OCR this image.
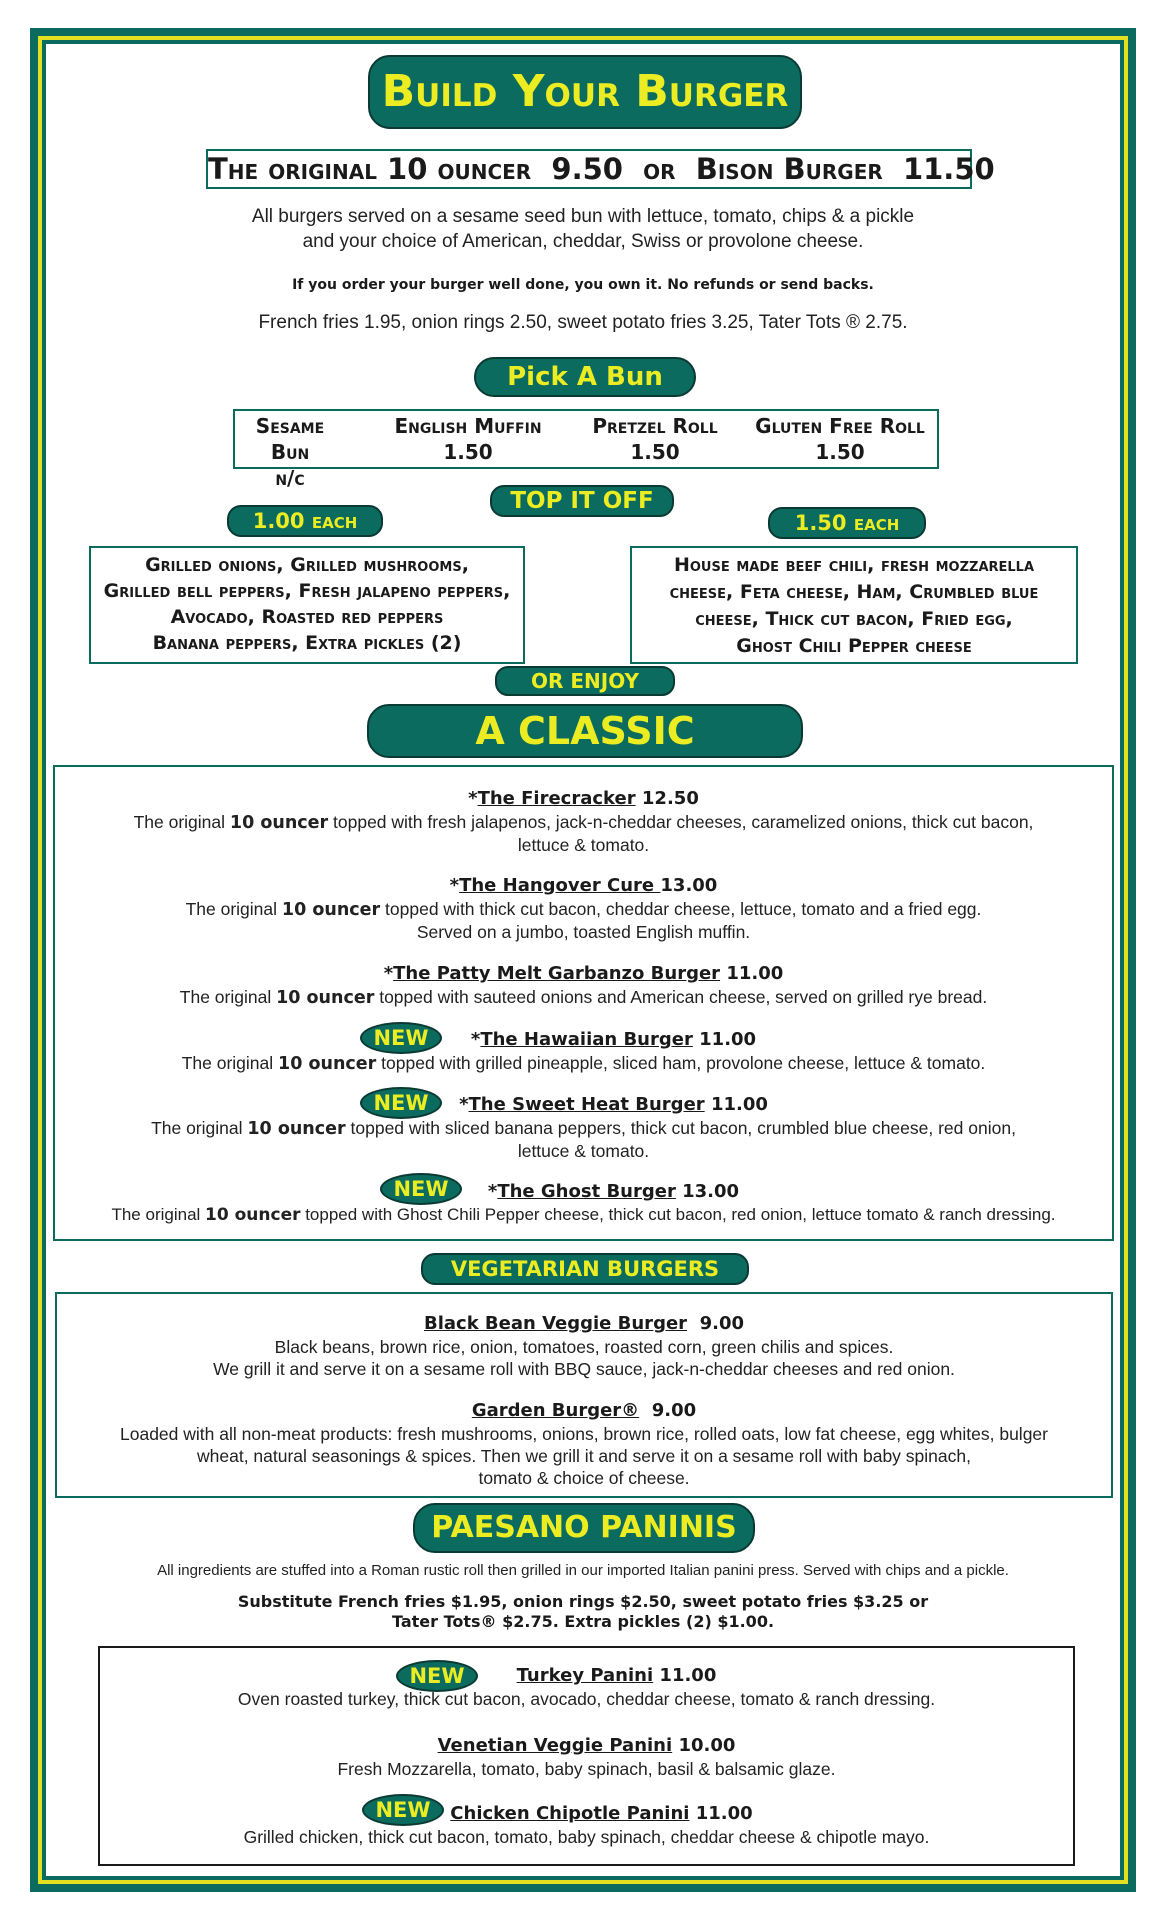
Build Your Burger
The original 10 ouncer  9.50  or  Bison Burger  11.50
All burgers served on a sesame seed bun with lettuce, tomato, chips & a pickle
and your choice of American, cheddar, Swiss or provolone cheese.
If you order your burger well done, you own it. No refunds or send backs.
French fries 1.95, onion rings 2.50, sweet potato fries 3.25, Tater Tots ® 2.75.
Pick A Bun
Sesame Bun
n/c
English Muffin
1.50
Pretzel Roll
1.50
Gluten Free Roll
1.50
TOP IT OFF
1.00 each	1.50 each
Grilled onions, Grilled mushrooms,
Grilled bell peppers, Fresh jalapeno peppers,
Avocado, Roasted red peppers
Banana peppers, Extra pickles (2)
House made beef chili, fresh mozzarella
cheese, Feta cheese, Ham, Crumbled blue
cheese, Thick cut bacon, Fried egg,
Ghost Chili Pepper cheese
OR ENJOY
A CLASSIC
*The Firecracker 12.50
The original 10 ouncer topped with fresh jalapenos, jack-n-cheddar cheeses, caramelized onions, thick cut bacon,
lettuce & tomato.
*The Hangover Cure 13.00
The original 10 ouncer topped with thick cut bacon, cheddar cheese, lettuce, tomato and a fried egg.
Served on a jumbo, toasted English muffin.
*The Patty Melt Garbanzo Burger 11.00
The original 10 ouncer topped with sauteed onions and American cheese, served on grilled rye bread.
NEW	*The Hawaiian Burger 11.00
The original 10 ouncer topped with grilled pineapple, sliced ham, provolone cheese, lettuce & tomato.
NEW	*The Sweet Heat Burger 11.00
The original 10 ouncer topped with sliced banana peppers, thick cut bacon, crumbled blue cheese, red onion,
lettuce & tomato.
NEW	*The Ghost Burger 13.00
The original 10 ouncer topped with Ghost Chili Pepper cheese, thick cut bacon, red onion, lettuce tomato & ranch dressing.
VEGETARIAN BURGERS
Black Bean Veggie Burger 9.00
Black beans, brown rice, onion, tomatoes, roasted corn, green chilis and spices.
We grill it and serve it on a sesame roll with BBQ sauce, jack-n-cheddar cheeses and red onion.
Garden Burger® 9.00
Loaded with all non-meat products: fresh mushrooms, onions, brown rice, rolled oats, low fat cheese, egg whites, bulger
wheat, natural seasonings & spices. Then we grill it and serve it on a sesame roll with baby spinach,
tomato & choice of cheese.
PAESANO PANINIS
All ingredients are stuffed into a Roman rustic roll then grilled in our imported Italian panini press. Served with chips and a pickle.
Substitute French fries $1.95, onion rings $2.50, sweet potato fries $3.25 or
Tater Tots® $2.75. Extra pickles (2) $1.00.
NEW	Turkey Panini 11.00
Oven roasted turkey, thick cut bacon, avocado, cheddar cheese, tomato & ranch dressing.
Venetian Veggie Panini 10.00
Fresh Mozzarella, tomato, baby spinach, basil & balsamic glaze.
NEW	Chicken Chipotle Panini 11.00
Grilled chicken, thick cut bacon, tomato, baby spinach, cheddar cheese & chipotle mayo.
